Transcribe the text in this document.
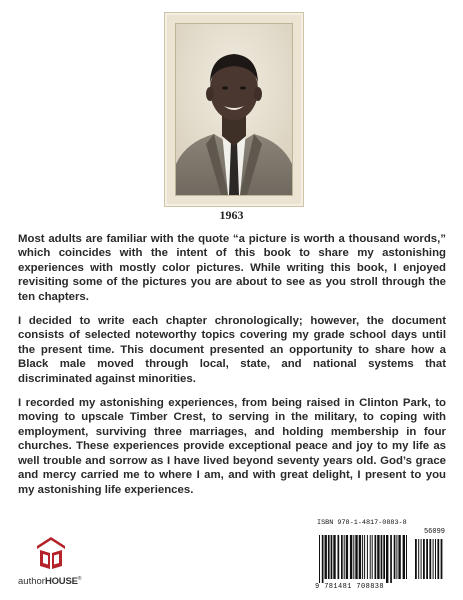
1963

Most adults are familiar with the quote “a picture is worth a thousand words,” which coincides with the intent of this book to share my astonishing experiences with mostly color pictures. While writing this book, I enjoyed revisiting some of the pictures you are about to see as you stroll through the ten chapters.

I decided to write each chapter chronologically; however, the document consists of selected noteworthy topics covering my grade school days until the present time. This document presented an opportunity to share how a Black male moved through local, state, and national systems that discriminated against minorities.

I recorded my astonishing experiences, from being raised in Clinton Park, to moving to upscale Timber Crest, to serving in the military, to coping with employment, surviving three marriages, and holding membership in four churches. These experiences provide exceptional peace and joy to my life as well trouble and sorrow as I have lived beyond seventy years old. God’s grace and mercy carried me to where I am, and with great delight, I present to you my astonishing life experiences.

authorHOUSE®
ISBN 978-1-4817-0883-8
56099
9 781481 708838
